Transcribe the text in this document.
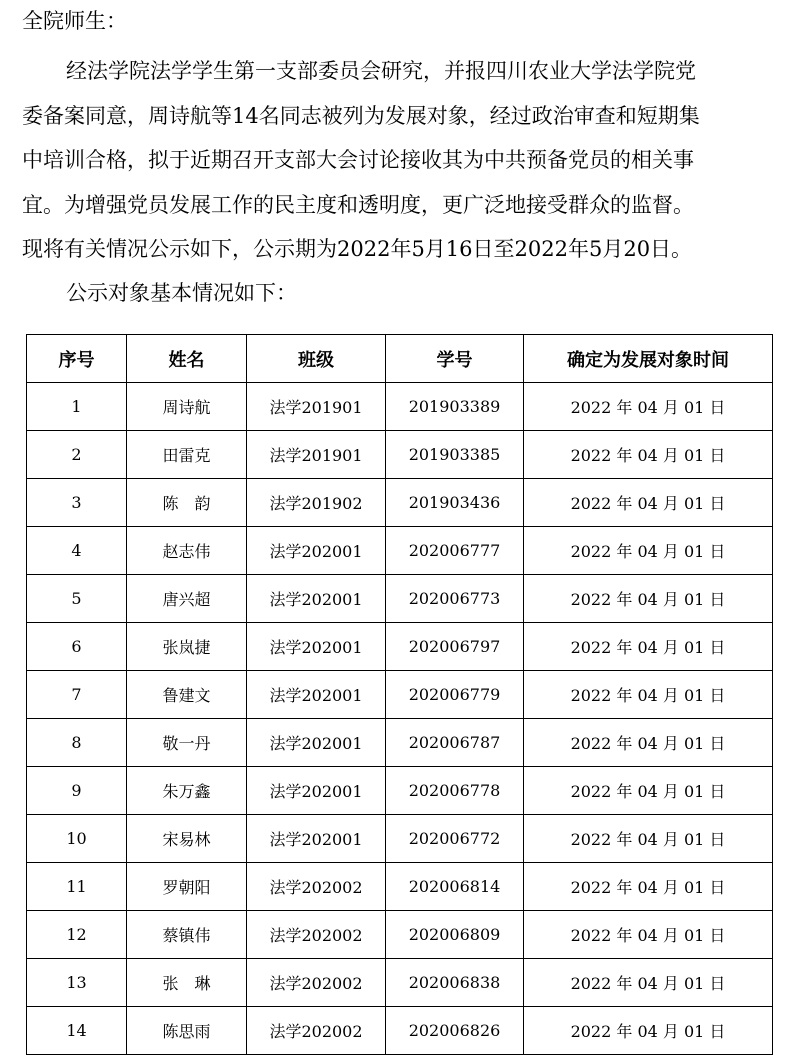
全院师生：
经法学院法学学生第一支部委员会研究，并报四川农业大学法学院党
委备案同意，周诗航等14名同志被列为发展对象，经过政治审查和短期集
中培训合格，拟于近期召开支部大会讨论接收其为中共预备党员的相关事
宜。为增强党员发展工作的民主度和透明度，更广泛地接受群众的监督。
现将有关情况公示如下，公示期为2022年5月16日至2022年5月20日。
公示对象基本情况如下：
序号	姓名	班级	学号	确定为发展对象时间
1	周诗航	法学201901	201903389	2022 年 04 月 01 日
2	田雷克	法学201901	201903385	2022 年 04 月 01 日
3	陈　韵	法学201902	201903436	2022 年 04 月 01 日
4	赵志伟	法学202001	202006777	2022 年 04 月 01 日
5	唐兴超	法学202001	202006773	2022 年 04 月 01 日
6	张岚捷	法学202001	202006797	2022 年 04 月 01 日
7	鲁建文	法学202001	202006779	2022 年 04 月 01 日
8	敬一丹	法学202001	202006787	2022 年 04 月 01 日
9	朱万鑫	法学202001	202006778	2022 年 04 月 01 日
10	宋易林	法学202001	202006772	2022 年 04 月 01 日
11	罗朝阳	法学202002	202006814	2022 年 04 月 01 日
12	蔡镇伟	法学202002	202006809	2022 年 04 月 01 日
13	张　琳	法学202002	202006838	2022 年 04 月 01 日
14	陈思雨	法学202002	202006826	2022 年 04 月 01 日
